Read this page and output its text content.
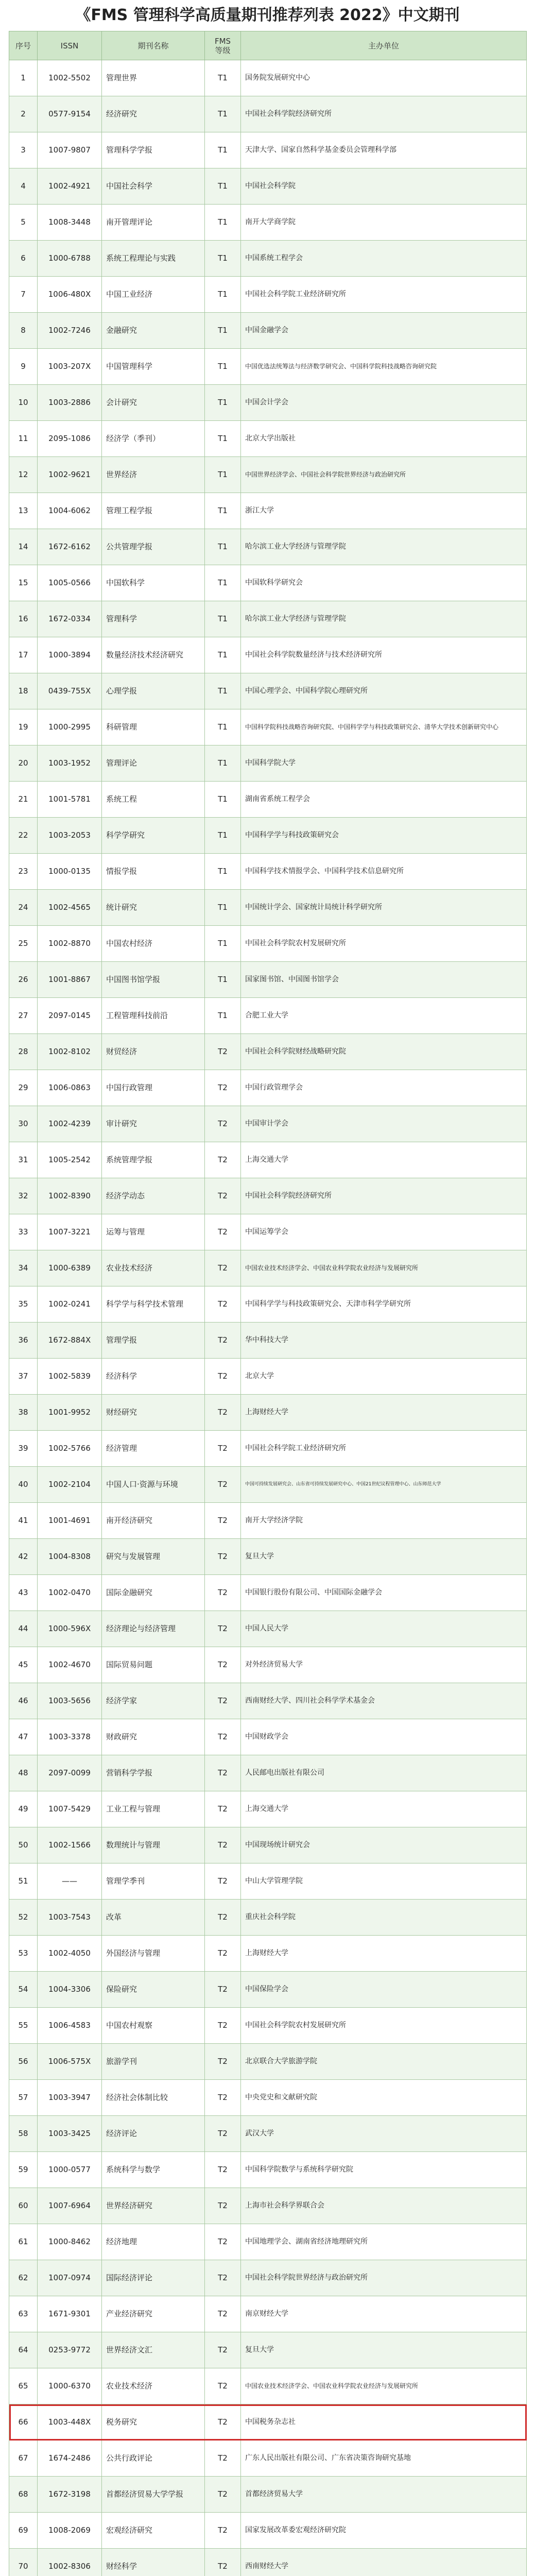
《FMS 管理科学高质量期刊推荐列表 2022》中文期刊
序号	ISSN	期刊名称	FMS
等级	主办单位
1	1002-5502	管理世界	T1	国务院发展研究中心
2	0577-9154	经济研究	T1	中国社会科学院经济研究所
3	1007-9807	管理科学学报	T1	天津大学、国家自然科学基金委员会管理科学部
4	1002-4921	中国社会科学	T1	中国社会科学院
5	1008-3448	南开管理评论	T1	南开大学商学院
6	1000-6788	系统工程理论与实践	T1	中国系统工程学会
7	1006-480X	中国工业经济	T1	中国社会科学院工业经济研究所
8	1002-7246	金融研究	T1	中国金融学会
9	1003-207X	中国管理科学	T1	中国优选法统筹法与经济数学研究会、中国科学院科技战略咨询研究院
10	1003-2886	会计研究	T1	中国会计学会
11	2095-1086	经济学（季刊）	T1	北京大学出版社
12	1002-9621	世界经济	T1	中国世界经济学会、中国社会科学院世界经济与政治研究所
13	1004-6062	管理工程学报	T1	浙江大学
14	1672-6162	公共管理学报	T1	哈尔滨工业大学经济与管理学院
15	1005-0566	中国软科学	T1	中国软科学研究会
16	1672-0334	管理科学	T1	哈尔滨工业大学经济与管理学院
17	1000-3894	数量经济技术经济研究	T1	中国社会科学院数量经济与技术经济研究所
18	0439-755X	心理学报	T1	中国心理学会、中国科学院心理研究所
19	1000-2995	科研管理	T1	中国科学院科技战略咨询研究院、中国科学学与科技政策研究会、清华大学技术创新研究中心
20	1003-1952	管理评论	T1	中国科学院大学
21	1001-5781	系统工程	T1	湖南省系统工程学会
22	1003-2053	科学学研究	T1	中国科学学与科技政策研究会
23	1000-0135	情报学报	T1	中国科学技术情报学会、中国科学技术信息研究所
24	1002-4565	统计研究	T1	中国统计学会、国家统计局统计科学研究所
25	1002-8870	中国农村经济	T1	中国社会科学院农村发展研究所
26	1001-8867	中国图书馆学报	T1	国家图书馆、中国图书馆学会
27	2097-0145	工程管理科技前沿	T1	合肥工业大学
28	1002-8102	财贸经济	T2	中国社会科学院财经战略研究院
29	1006-0863	中国行政管理	T2	中国行政管理学会
30	1002-4239	审计研究	T2	中国审计学会
31	1005-2542	系统管理学报	T2	上海交通大学
32	1002-8390	经济学动态	T2	中国社会科学院经济研究所
33	1007-3221	运筹与管理	T2	中国运筹学会
34	1000-6389	农业技术经济	T2	中国农业技术经济学会、中国农业科学院农业经济与发展研究所
35	1002-0241	科学学与科学技术管理	T2	中国科学学与科技政策研究会、天津市科学学研究所
36	1672-884X	管理学报	T2	华中科技大学
37	1002-5839	经济科学	T2	北京大学
38	1001-9952	财经研究	T2	上海财经大学
39	1002-5766	经济管理	T2	中国社会科学院工业经济研究所
40	1002-2104	中国人口·资源与环境	T2	中国可持续发展研究会、山东省可持续发展研究中心、中国21世纪议程管理中心、山东师范大学
41	1001-4691	南开经济研究	T2	南开大学经济学院
42	1004-8308	研究与发展管理	T2	复旦大学
43	1002-0470	国际金融研究	T2	中国银行股份有限公司、中国国际金融学会
44	1000-596X	经济理论与经济管理	T2	中国人民大学
45	1002-4670	国际贸易问题	T2	对外经济贸易大学
46	1003-5656	经济学家	T2	西南财经大学、四川社会科学学术基金会
47	1003-3378	财政研究	T2	中国财政学会
48	2097-0099	营销科学学报	T2	人民邮电出版社有限公司
49	1007-5429	工业工程与管理	T2	上海交通大学
50	1002-1566	数理统计与管理	T2	中国现场统计研究会
51	——	管理学季刊	T2	中山大学管理学院
52	1003-7543	改革	T2	重庆社会科学院
53	1002-4050	外国经济与管理	T2	上海财经大学
54	1004-3306	保险研究	T2	中国保险学会
55	1006-4583	中国农村观察	T2	中国社会科学院农村发展研究所
56	1006-575X	旅游学刊	T2	北京联合大学旅游学院
57	1003-3947	经济社会体制比较	T2	中央党史和文献研究院
58	1003-3425	经济评论	T2	武汉大学
59	1000-0577	系统科学与数学	T2	中国科学院数学与系统科学研究院
60	1007-6964	世界经济研究	T2	上海市社会科学界联合会
61	1000-8462	经济地理	T2	中国地理学会、湖南省经济地理研究所
62	1007-0974	国际经济评论	T2	中国社会科学院世界经济与政治研究所
63	1671-9301	产业经济研究	T2	南京财经大学
64	0253-9772	世界经济文汇	T2	复旦大学
65	1000-6370	农业技术经济	T2	中国农业技术经济学会、中国农业科学院农业经济与发展研究所
66	1003-448X	税务研究	T2	中国税务杂志社
67	1674-2486	公共行政评论	T2	广东人民出版社有限公司、广东省决策咨询研究基地
68	1672-3198	首都经济贸易大学学报	T2	首都经济贸易大学
69	1008-2069	宏观经济研究	T2	国家发展改革委宏观经济研究院
70	1002-8306	财经科学	T2	西南财经大学
